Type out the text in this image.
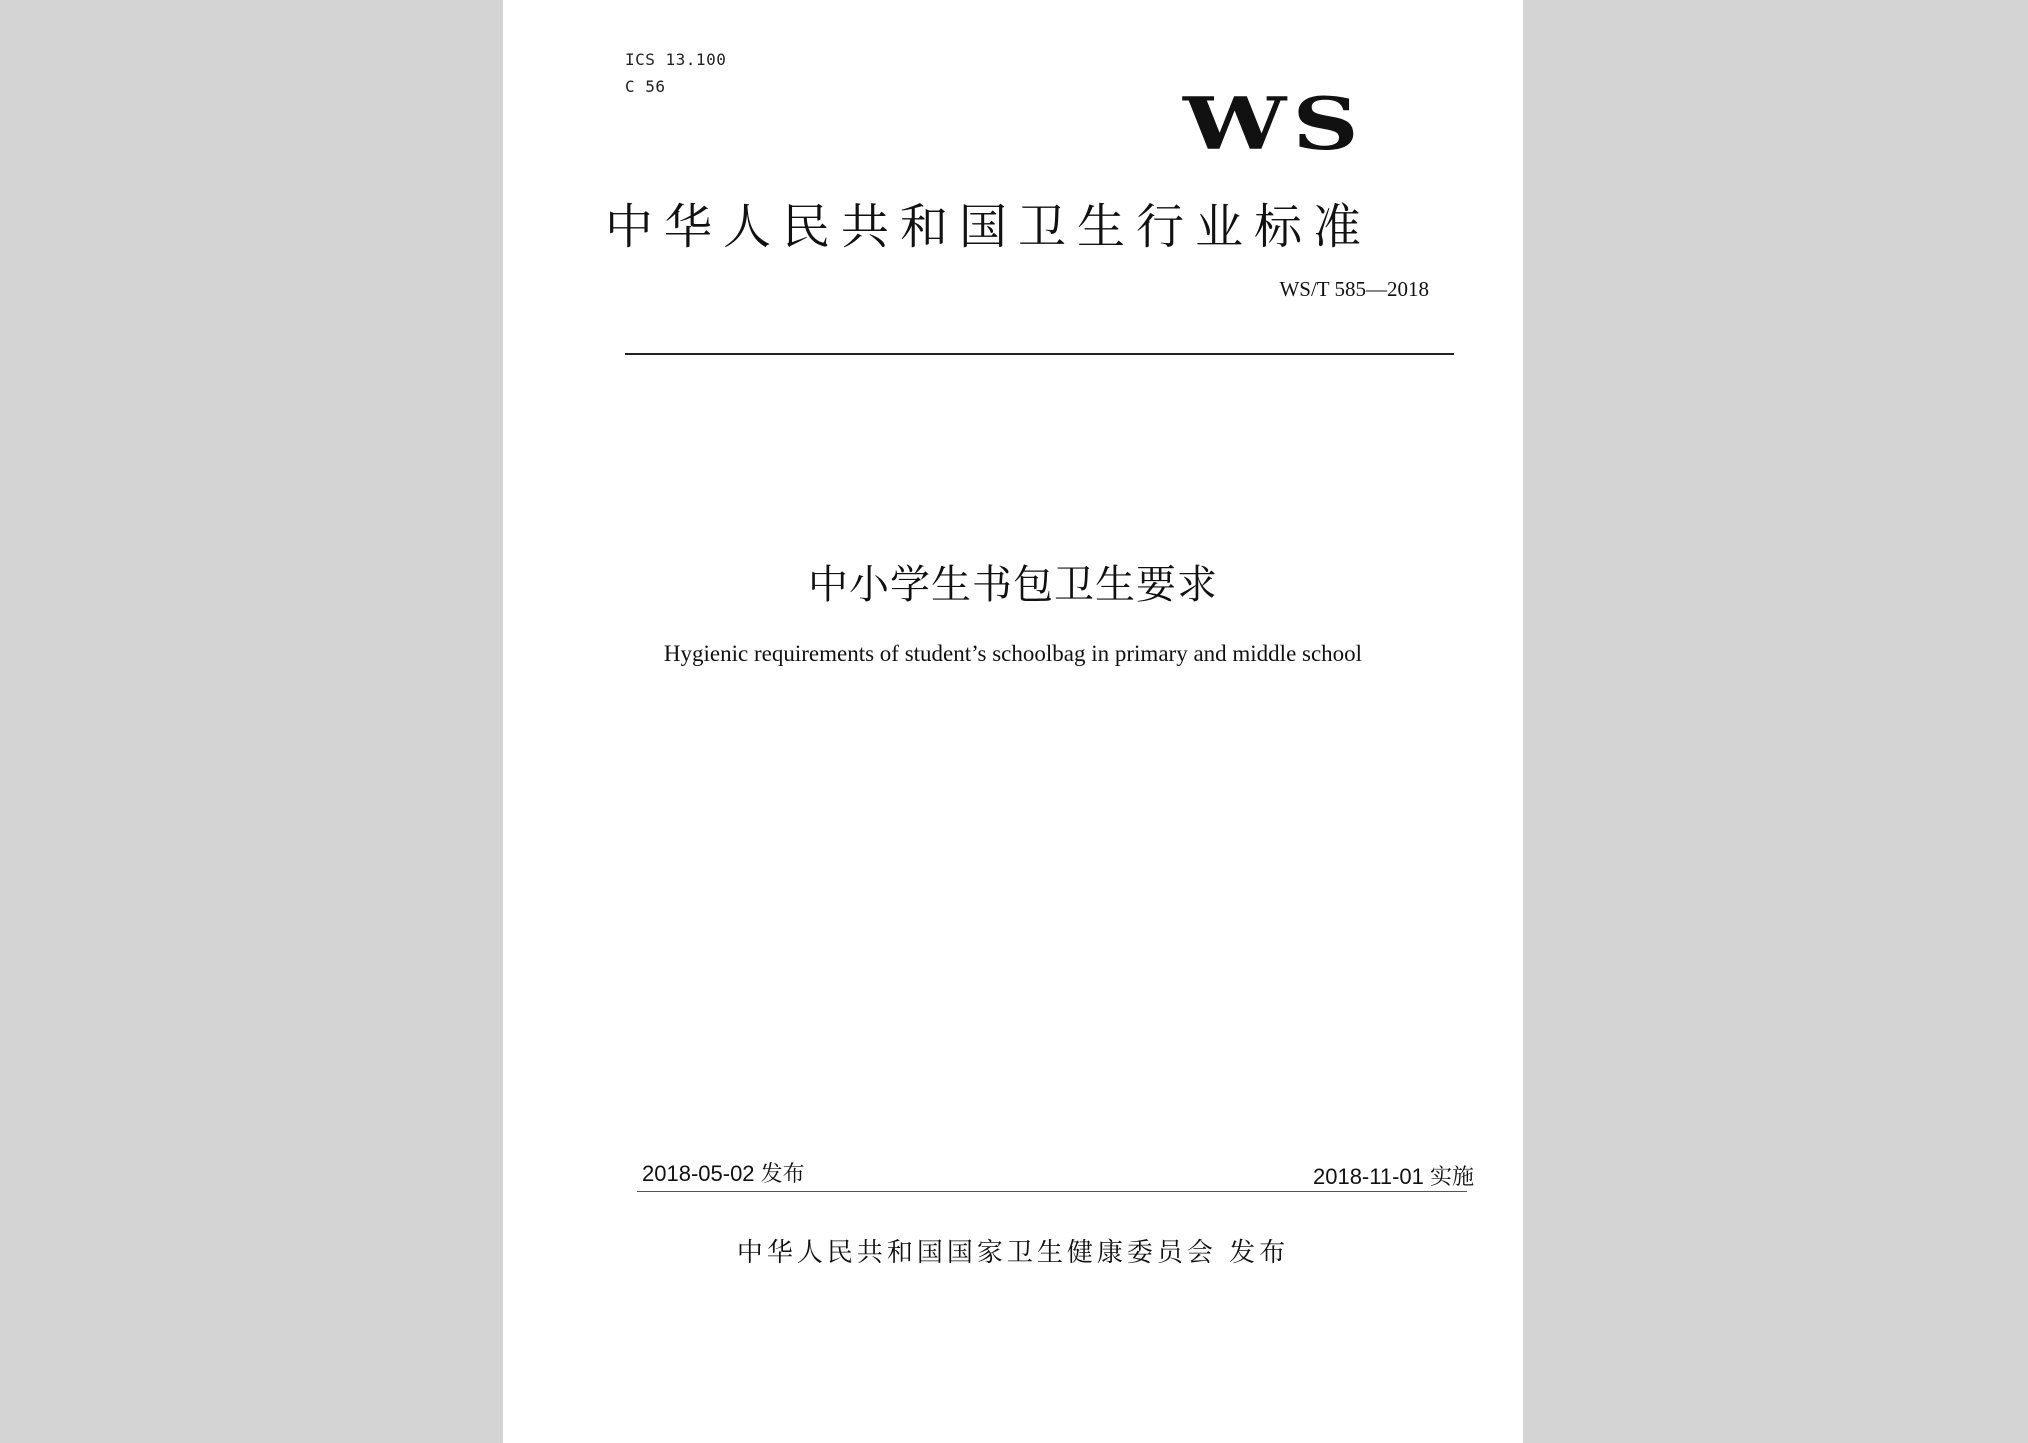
ICS 13.100
C 56	WS
中华人民共和国卫生行业标准
WS/T 585—2018
中小学生书包卫生要求
Hygienic requirements of student’s schoolbag in primary and middle school
2018-05-02 发布	2018-11-01 实施
中华人民共和国国家卫生健康委员会 发布
